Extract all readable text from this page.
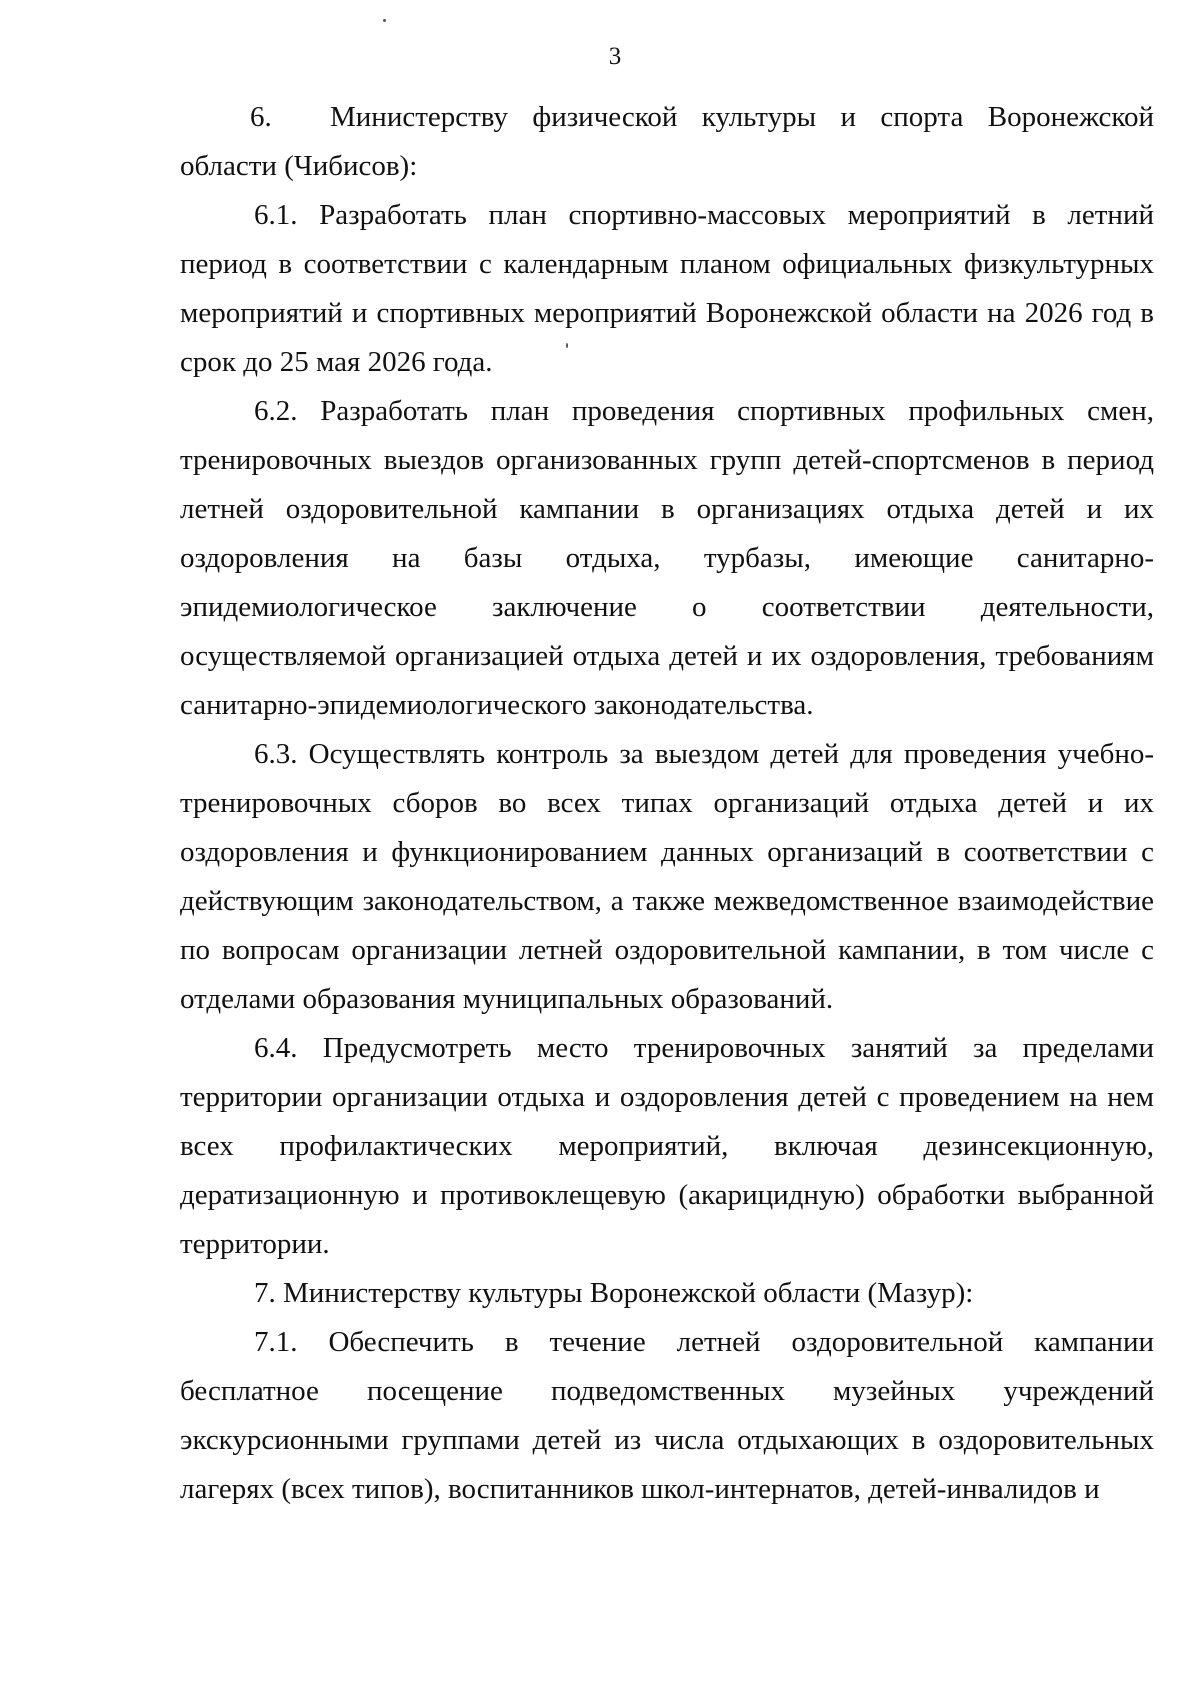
3

6. Министерству физической культуры и спорта Воронежской области (Чибисов):

6.1. Разработать план спортивно-массовых мероприятий в летний период в соответствии с календарным планом официальных физкультурных мероприятий и спортивных мероприятий Воронежской области на 2026 год в срок до 25 мая 2026 года.

6.2. Разработать план проведения спортивных профильных смен, тренировочных выездов организованных групп детей-спортсменов в период летней оздоровительной кампании в организациях отдыха детей и их оздоровления на базы отдыха, турбазы, имеющие санитарно-эпидемиологическое заключение о соответствии деятельности, осуществляемой организацией отдыха детей и их оздоровления, требованиям санитарно-эпидемиологического законодательства.

6.3. Осуществлять контроль за выездом детей для проведения учебно-тренировочных сборов во всех типах организаций отдыха детей и их оздоровления и функционированием данных организаций в соответствии с действующим законодательством, а также межведомственное взаимодействие по вопросам организации летней оздоровительной кампании, в том числе с отделами образования муниципальных образований.

6.4. Предусмотреть место тренировочных занятий за пределами территории организации отдыха и оздоровления детей с проведением на нем всех профилактических мероприятий, включая дезинсекционную, дератизационную и противоклещевую (акарицидную) обработки выбранной территории.

7. Министерству культуры Воронежской области (Мазур):

7.1. Обеспечить в течение летней оздоровительной кампании бесплатное посещение подведомственных музейных учреждений экскурсионными группами детей из числа отдыхающих в оздоровительных лагерях (всех типов), воспитанников школ-интернатов, детей-инвалидов и
